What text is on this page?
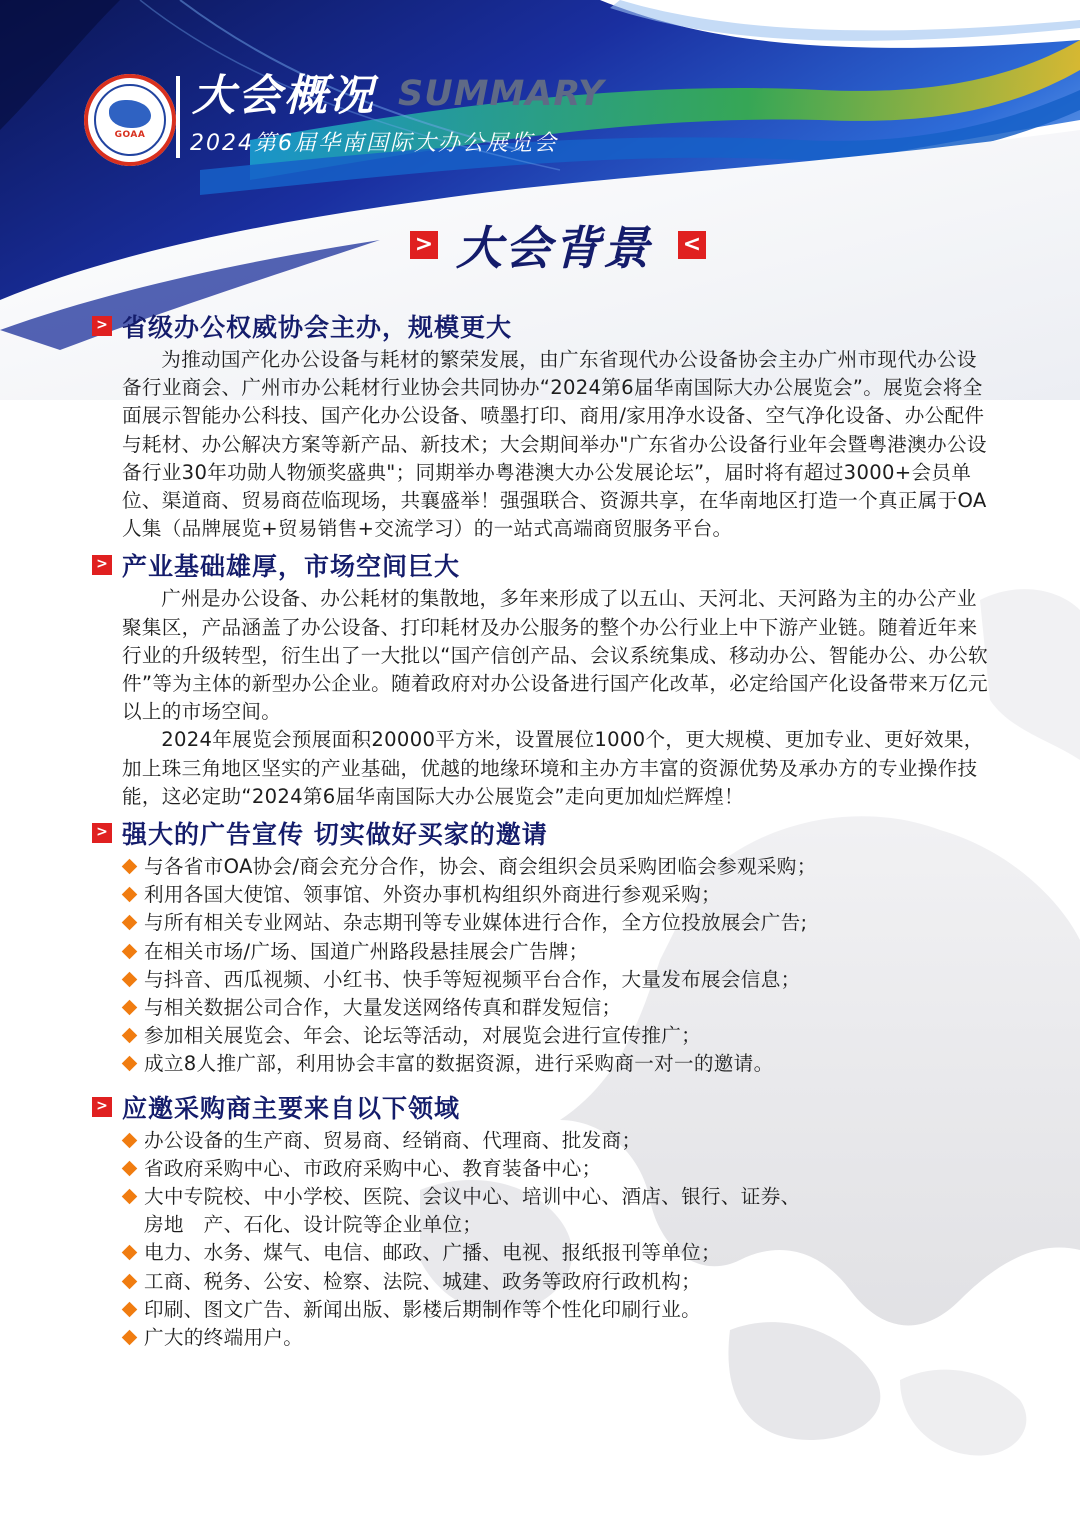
GOAA
大会概况 SUMMARY
2024第6届华南国际大办公展览会
> 大会背景 <
> 省级办公权威协会主办，规模更大

为推动国产化办公设备与耗材的繁荣发展，由广东省现代办公设备协会主办广州市现代办公设备行业商会、广州市办公耗材行业协会共同协办“2024第6届华南国际大办公展览会”。展览会将全面展示智能办公科技、国产化办公设备、喷墨打印、商用/家用净水设备、空气净化设备、办公配件与耗材、办公解决方案等新产品、新技术；大会期间举办"广东省办公设备行业年会暨粤港澳办公设备行业30年功勋人物颁奖盛典"；同期举办粤港澳大办公发展论坛”，届时将有超过3000+会员单位、渠道商、贸易商莅临现场，共襄盛举！强强联合、资源共享，在华南地区打造一个真正属于OA人集（品牌展览+贸易销售+交流学习）的一站式高端商贸服务平台。

> 产业基础雄厚，市场空间巨大

广州是办公设备、办公耗材的集散地，多年来形成了以五山、天河北、天河路为主的办公产业聚集区，产品涵盖了办公设备、打印耗材及办公服务的整个办公行业上中下游产业链。随着近年来行业的升级转型，衍生出了一大批以“国产信创产品、会议系统集成、移动办公、智能办公、办公软件”等为主体的新型办公企业。随着政府对办公设备进行国产化改革，必定给国产化设备带来万亿元以上的市场空间。

2024年展览会预展面积20000平方米，设置展位1000个，更大规模、更加专业、更好效果，加上珠三角地区坚实的产业基础，优越的地缘环境和主办方丰富的资源优势及承办方的专业操作技能，这必定助“2024第6届华南国际大办公展览会”走向更加灿烂辉煌！

> 强大的广告宣传 切实做好买家的邀请
与各省市OA协会/商会充分合作，协会、商会组织会员采购团临会参观采购；
利用各国大使馆、领事馆、外资办事机构组织外商进行参观采购；
与所有相关专业网站、杂志期刊等专业媒体进行合作，全方位投放展会广告;
在相关市场/广场、国道广州路段悬挂展会广告牌；
与抖音、西瓜视频、小红书、快手等短视频平台合作，大量发布展会信息；
与相关数据公司合作，大量发送网络传真和群发短信；
参加相关展览会、年会、论坛等活动，对展览会进行宣传推广；
成立8人推广部，利用协会丰富的数据资源，进行采购商一对一的邀请。
> 应邀采购商主要来自以下领域
办公设备的生产商、贸易商、经销商、代理商、批发商；
省政府采购中心、市政府采购中心、教育装备中心；
大中专院校、中小学校、医院、会议中心、培训中心、酒店、银行、证券、
房地　产、石化、设计院等企业单位；
电力、水务、煤气、电信、邮政、广播、电视、报纸报刊等单位；
工商、税务、公安、检察、法院、城建、政务等政府行政机构；
印刷、图文广告、新闻出版、影楼后期制作等个性化印刷行业。
广大的终端用户。
